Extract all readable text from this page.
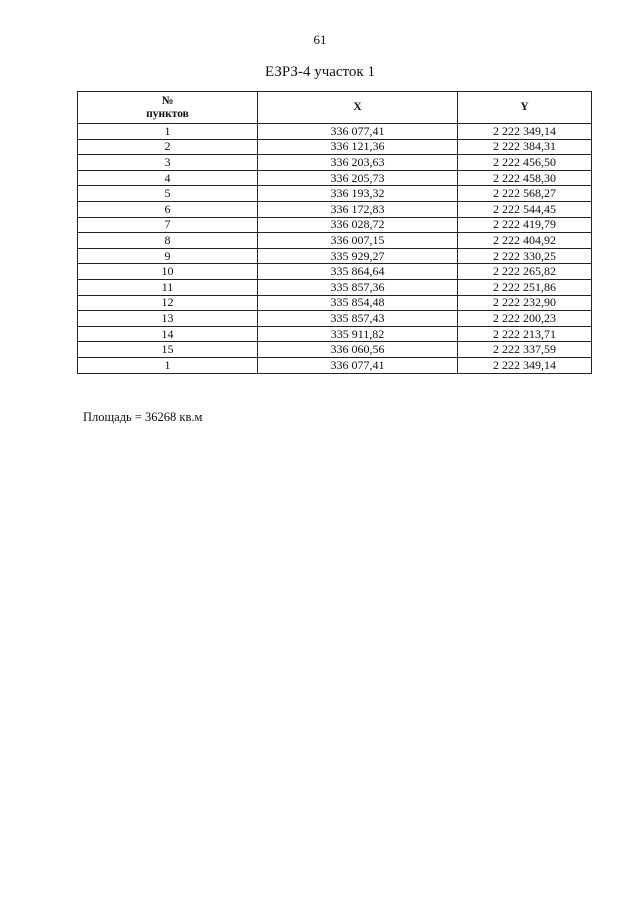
61
ЕЗРЗ-4 участок 1
№
пунктов	X	Y
1	336 077,41	2 222 349,14
2	336 121,36	2 222 384,31
3	336 203,63	2 222 456,50
4	336 205,73	2 222 458,30
5	336 193,32	2 222 568,27
6	336 172,83	2 222 544,45
7	336 028,72	2 222 419,79
8	336 007,15	2 222 404,92
9	335 929,27	2 222 330,25
10	335 864,64	2 222 265,82
11	335 857,36	2 222 251,86
12	335 854,48	2 222 232,90
13	335 857,43	2 222 200,23
14	335 911,82	2 222 213,71
15	336 060,56	2 222 337,59
1	336 077,41	2 222 349,14
Площадь = 36268 кв.м
